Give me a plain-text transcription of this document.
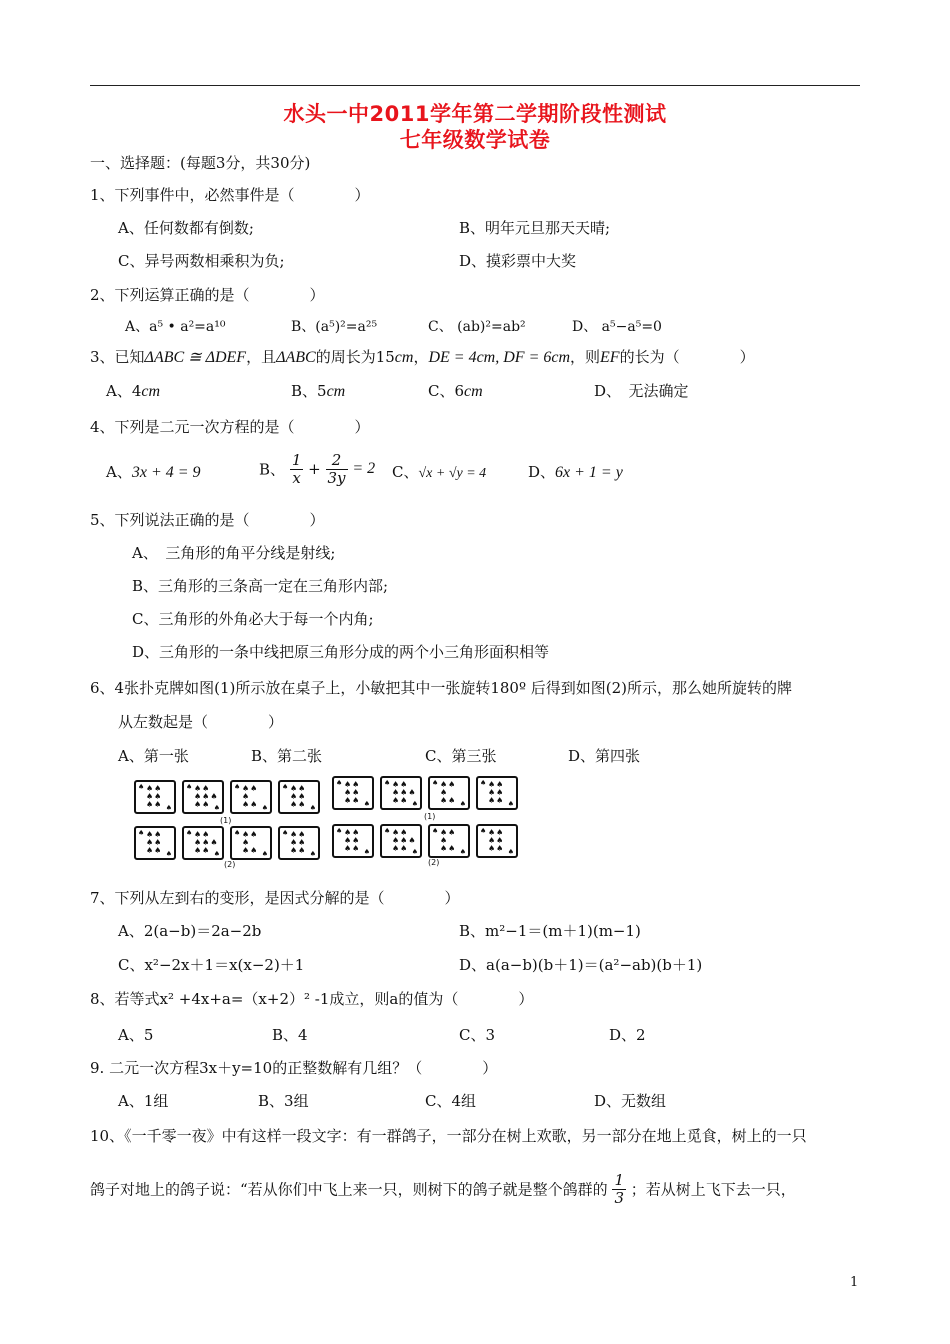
水头一中2011学年第二学期阶段性测试
七年级数学试卷
一、选择题：(每题3分，共30分)
1、下列事件中，必然事件是（　　　　）
A、任何数都有倒数;	B、明年元旦那天天晴;
C、异号两数相乘积为负;	D、摸彩票中大奖
2、下列运算正确的是（　　　　）
A、a⁵ • a²=a¹⁰	B、(a⁵)²=a²⁵	C、 (ab)²=ab²	D、 a⁵−a⁵=0
3、已知ΔABC ≅ ΔDEF，且ΔABC的周长为15cm，DE = 4cm, DF = 6cm，则EF的长为（　　　　）
A、4cm	B、5cm	C、6cm	D、　无法确定
4、下列是二元一次方程的是（　　　　）
A、3x + 4 = 9	B、 $\frac{1}{x} + \frac{2}{3y} = 2$ C、√x + √y = 4	D、6x + 1 = y
5、下列说法正确的是（　　　　）
A、　三角形的角平分线是射线;
B、三角形的三条高一定在三角形内部;
C、三角形的外角必大于每一个内角;
D、三角形的一条中线把原三角形分成的两个小三角形面积相等
6、4张扑克牌如图(1)所示放在桌子上，小敏把其中一张旋转180º 后得到如图(2)所示，那么她所旋转的牌
从左数起是（　　　　）
A、第一张	B、第二张	C、第三张	D、第四张
♠ ♠♠
♠♠
♠♠ ♠
♠ ♠♠
♠♠♠
♠♠ ♠
♠ ♠♠
♠
♠♠ ♠
♠ ♠♠
♠♠
♠♠ ♠
(1)
♠ ♠♠
♠♠
♠♠ ♠
♠ ♠♠
♠♠♠
♠♠ ♠
♠ ♠♠
♠
♠♠ ♠
♠ ♠♠
♠♠
♠♠ ♠
(1)
♠ ♠♠
♠♠
♠♠ ♠
♠ ♠♠
♠♠♠
♠♠ ♠
♠ ♠♠
♠
♠♠ ♠
♠ ♠♠
♠♠
♠♠ ♠
(2)
♠ ♠♠
♠♠
♠♠ ♠
♠ ♠♠
♠♠♠
♠♠ ♠
♠ ♠♠
♠
♠♠ ♠
♠ ♠♠
♠♠
♠♠ ♠
(2)
7、下列从左到右的变形，是因式分解的是（　　　　）
A、2(a−b)＝2a−2b	B、m²−1＝(m＋1)(m−1)
C、x²−2x＋1＝x(x−2)＋1	D、a(a−b)(b＋1)＝(a²−ab)(b＋1)
8、若等式x² +4x+a=（x+2）² -1成立，则a的值为（　　　　）
A、5	B、4	C、3	D、2
9. 二元一次方程3x＋y=10的正整数解有几组？（　　　　）
A、1组	B、3组	C、4组	D、无数组
10、《一千零一夜》中有这样一段文字：有一群鸽子，一部分在树上欢歌，另一部分在地上觅食，树上的一只
鸽子对地上的鸽子说：“若从你们中飞上来一只，则树下的鸽子就是整个鸽群的 $\frac{1}{3}$ ；若从树上飞下去一只，
1
